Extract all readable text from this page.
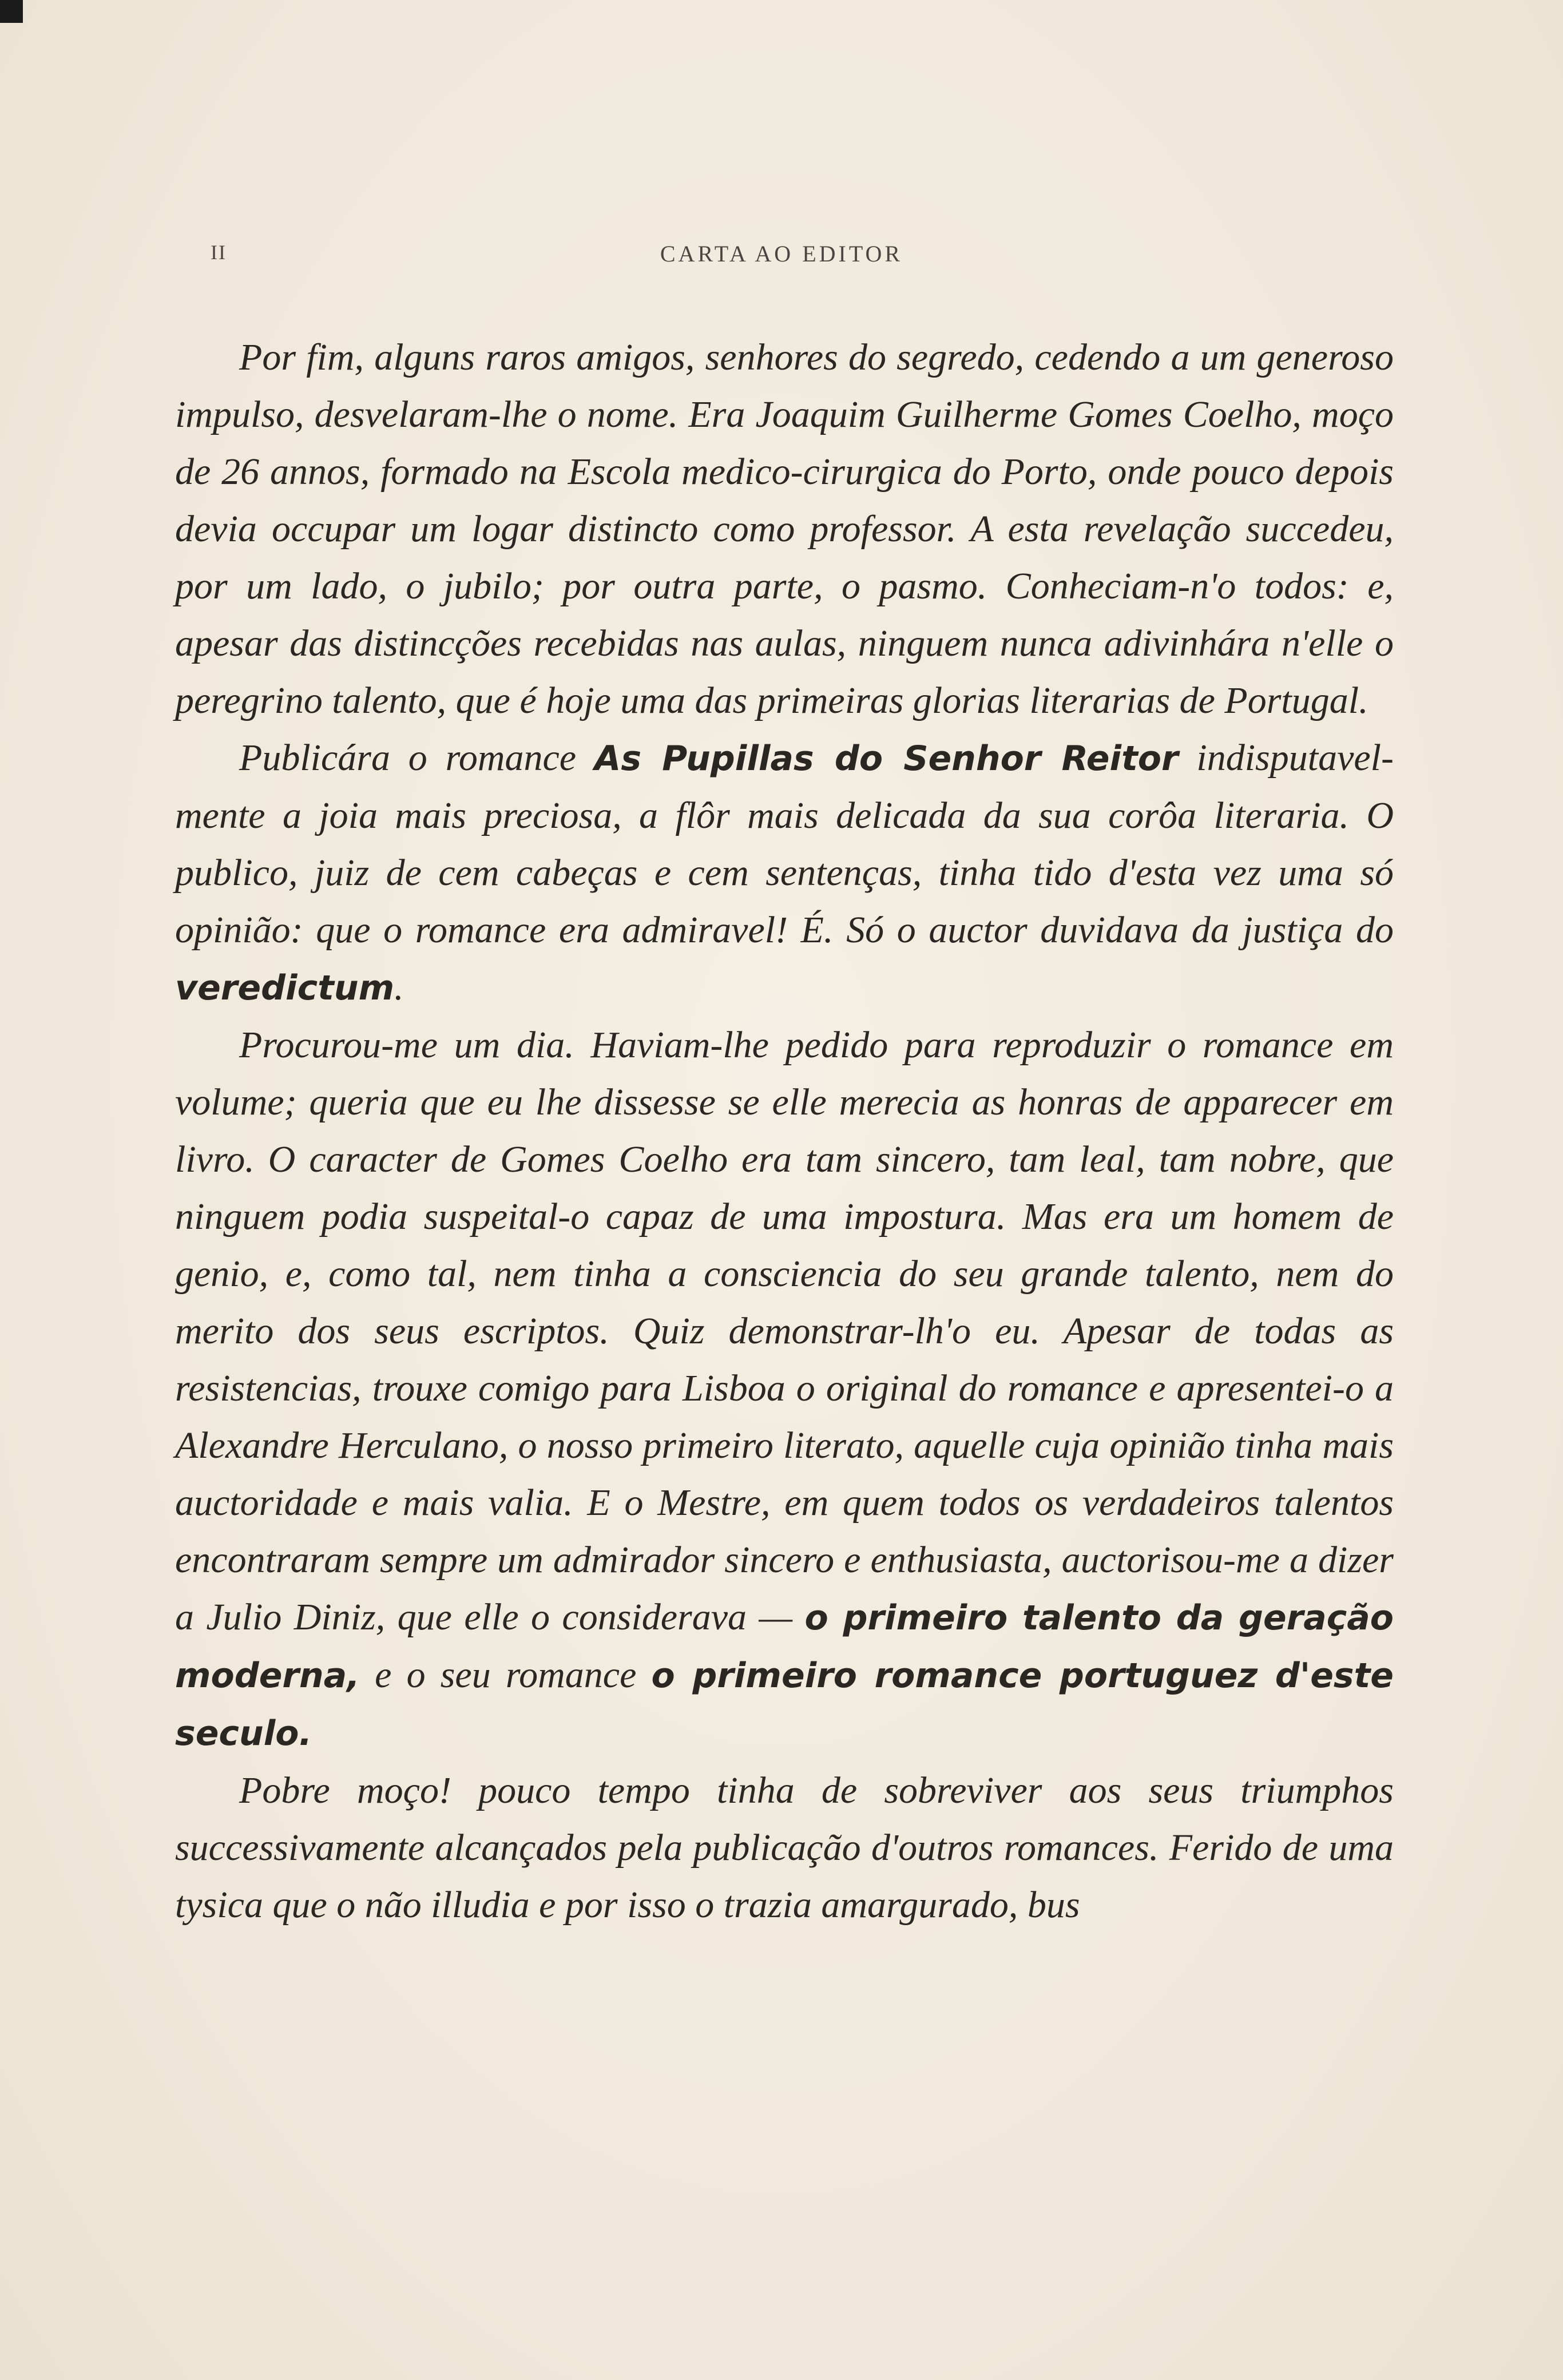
II	CARTA AO EDITOR

Por fim, alguns raros amigos, senhores do segredo, cedendo a um generoso impulso, desvelaram-lhe o nome. Era Joaquim Guilherme Gomes Coelho, moço de 26 annos, formado na Escola medico-cirurgica do Porto, onde pouco depois devia occupar um logar distincto como professor. A esta revelação succedeu, por um lado, o jubilo; por outra parte, o pasmo. Conheciam-n'o todos: e, apesar das distincções recebidas nas aulas, ninguem nunca adivinhára n'elle o peregrino talento, que é hoje uma das primeiras glorias literarias de Portugal.

Publicára o romance As Pupillas do Senhor Reitor indisputavelmente a joia mais preciosa, a flôr mais delicada da sua corôa literaria. O publico, juiz de cem cabeças e cem sentenças, tinha tido d'esta vez uma só opinião: que o romance era admiravel! É. Só o auctor duvidava da justiça do veredictum.

Procurou-me um dia. Haviam-lhe pedido para reproduzir o romance em volume; queria que eu lhe dissesse se elle merecia as honras de apparecer em livro. O caracter de Gomes Coelho era tam sincero, tam leal, tam nobre, que ninguem podia suspeital-o capaz de uma impostura. Mas era um homem de genio, e, como tal, nem tinha a consciencia do seu grande talento, nem do merito dos seus escriptos. Quiz demonstrar-lh'o eu. Apesar de todas as resistencias, trouxe comigo para Lisboa o original do romance e apresentei-o a Alexandre Herculano, o nosso primeiro literato, aquelle cuja opinião tinha mais auctoridade e mais valia. E o Mestre, em quem todos os verdadeiros talentos encontraram sempre um admirador sincero e enthusiasta, auctorisou-me a dizer a Julio Diniz, que elle o considerava — o primeiro talento da geração moderna, e o seu romance o primeiro romance portuguez d'este seculo.

Pobre moço! pouco tempo tinha de sobreviver aos seus triumphos successivamente alcançados pela publicação d'outros romances. Ferido de uma tysica que o não illudia e por isso o trazia amargurado, bus
